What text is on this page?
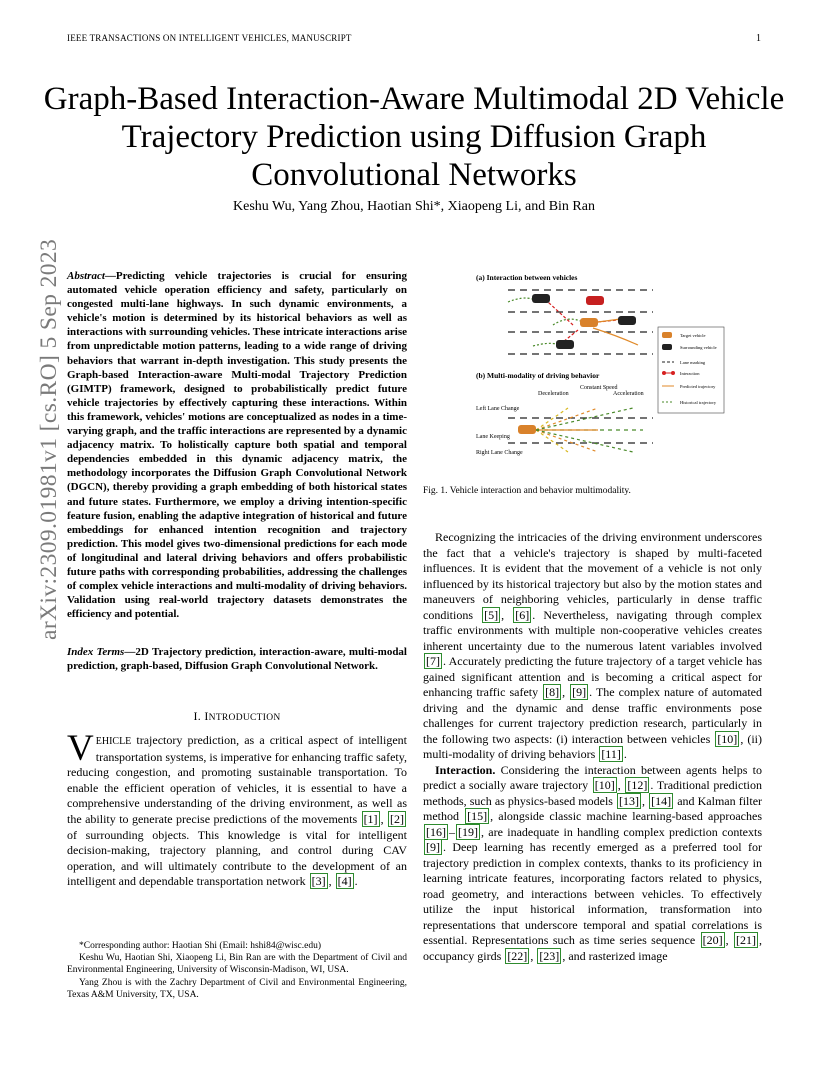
IEEE TRANSACTIONS ON INTELLIGENT VEHICLES, MANUSCRIPT	1
Graph-Based Interaction-Aware Multimodal 2D Vehicle Trajectory Prediction using Diffusion Graph Convolutional Networks
Keshu Wu, Yang Zhou, Haotian Shi*, Xiaopeng Li, and Bin Ran
arXiv:2309.01981v1 [cs.RO] 5 Sep 2023 Abstract—Predicting vehicle trajectories is crucial for ensuring automated vehicle operation efficiency and safety, particularly on congested multi-lane highways. In such dynamic environments, a vehicle's motion is determined by its historical behaviors as well as interactions with surrounding vehicles. These intricate interactions arise from unpredictable motion patterns, leading to a wide range of driving behaviors that warrant in-depth investigation. This study presents the Graph-based Interaction-aware Multi-modal Trajectory Prediction (GIMTP) framework, designed to probabilistically predict future vehicle trajectories by effectively capturing these interactions. Within this framework, vehicles' motions are conceptualized as nodes in a time-varying graph, and the traffic interactions are represented by a dynamic adjacency matrix. To holistically capture both spatial and temporal dependencies embedded in this dynamic adjacency matrix, the methodology incorporates the Diffusion Graph Convolutional Network (DGCN), thereby providing a graph embedding of both historical states and future states. Furthermore, we employ a driving intention-specific feature fusion, enabling the adaptive integration of historical and future embeddings for enhanced intention recognition and trajectory prediction. This model gives two-dimensional predictions for each mode of longitudinal and lateral driving behaviors and offers probabilistic future paths with corresponding probabilities, addressing the challenges of complex vehicle interactions and multi-modality of driving behaviors. Validation using real-world trajectory datasets demonstrates the efficiency and potential.
Index Terms—2D Trajectory prediction, interaction-aware, multi-modal prediction, graph-based, Diffusion Graph Convolutional Network.
I. INTRODUCTION
VEHICLE trajectory prediction, as a critical aspect of intelligent transportation systems, is imperative for enhancing traffic safety, reducing congestion, and promoting sustainable transportation. To enable the efficient operation of vehicles, it is essential to have a comprehensive understanding of the driving environment, as well as the ability to generate precise predictions of the movements [1] , [2] of surrounding objects. This knowledge is vital for intelligent decision-making, trajectory planning, and control during CAV operation, and will ultimately contribute to the development of an intelligent and dependable transportation network [3] , [4] .

*Corresponding author: Haotian Shi (Email: hshi84@wisc.edu)

Keshu Wu, Haotian Shi, Xiaopeng Li, Bin Ran are with the Department of Civil and Environmental Engineering, University of Wisconsin-Madison, WI, USA.

Yang Zhou is with the Zachry Department of Civil and Environmental Engineering, Texas A&M University, TX, USA.

(a) Interaction between vehicles
Target vehicle
Surrounding vehicle
Lane marking
Interaction
Predicted trajectory
Historical trajectory
(b) Multi-modality of driving behavior
Deceleration
Constant Speed
Acceleration
Left Lane Change
Lane Keeping
Right Lane Change
Fig. 1. Vehicle interaction and behavior multimodality.

Recognizing the intricacies of the driving environment underscores the fact that a vehicle's trajectory is shaped by multi-faceted influences. It is evident that the movement of a vehicle is not only influenced by its historical trajectory but also by the motion states and maneuvers of neighboring vehicles, particularly in dense traffic conditions [5] , [6] . Nevertheless, navigating through complex traffic environments with multiple non-cooperative vehicles creates inherent uncertainty due to the numerous latent variables involved [7] . Accurately predicting the future trajectory of a target vehicle has gained significant attention and is becoming a critical aspect for enhancing traffic safety [8] , [9] . The complex nature of automated driving and the dynamic and dense traffic environments pose challenges for current trajectory prediction research, particularly in the following two aspects: (i) interaction between vehicles [10] , (ii) multi-modality of driving behaviors [11] .

Interaction. Considering the interaction between agents helps to predict a socially aware trajectory [10] , [12] . Traditional prediction methods, such as physics-based models [13] , [14] and Kalman filter method [15] , alongside classic machine learning-based approaches [16] – [19] , are inadequate in handling complex prediction contexts [9] . Deep learning has recently emerged as a preferred tool for trajectory prediction in complex contexts, thanks to its proficiency in learning intricate features, incorporating factors related to physics, road geometry, and interactions between vehicles. To effectively utilize the input historical information, transformation into representations that underscore temporal and spatial correlations is essential. Representations such as time series sequence [20] , [21] , occupancy girds [22] , [23] , and rasterized image
